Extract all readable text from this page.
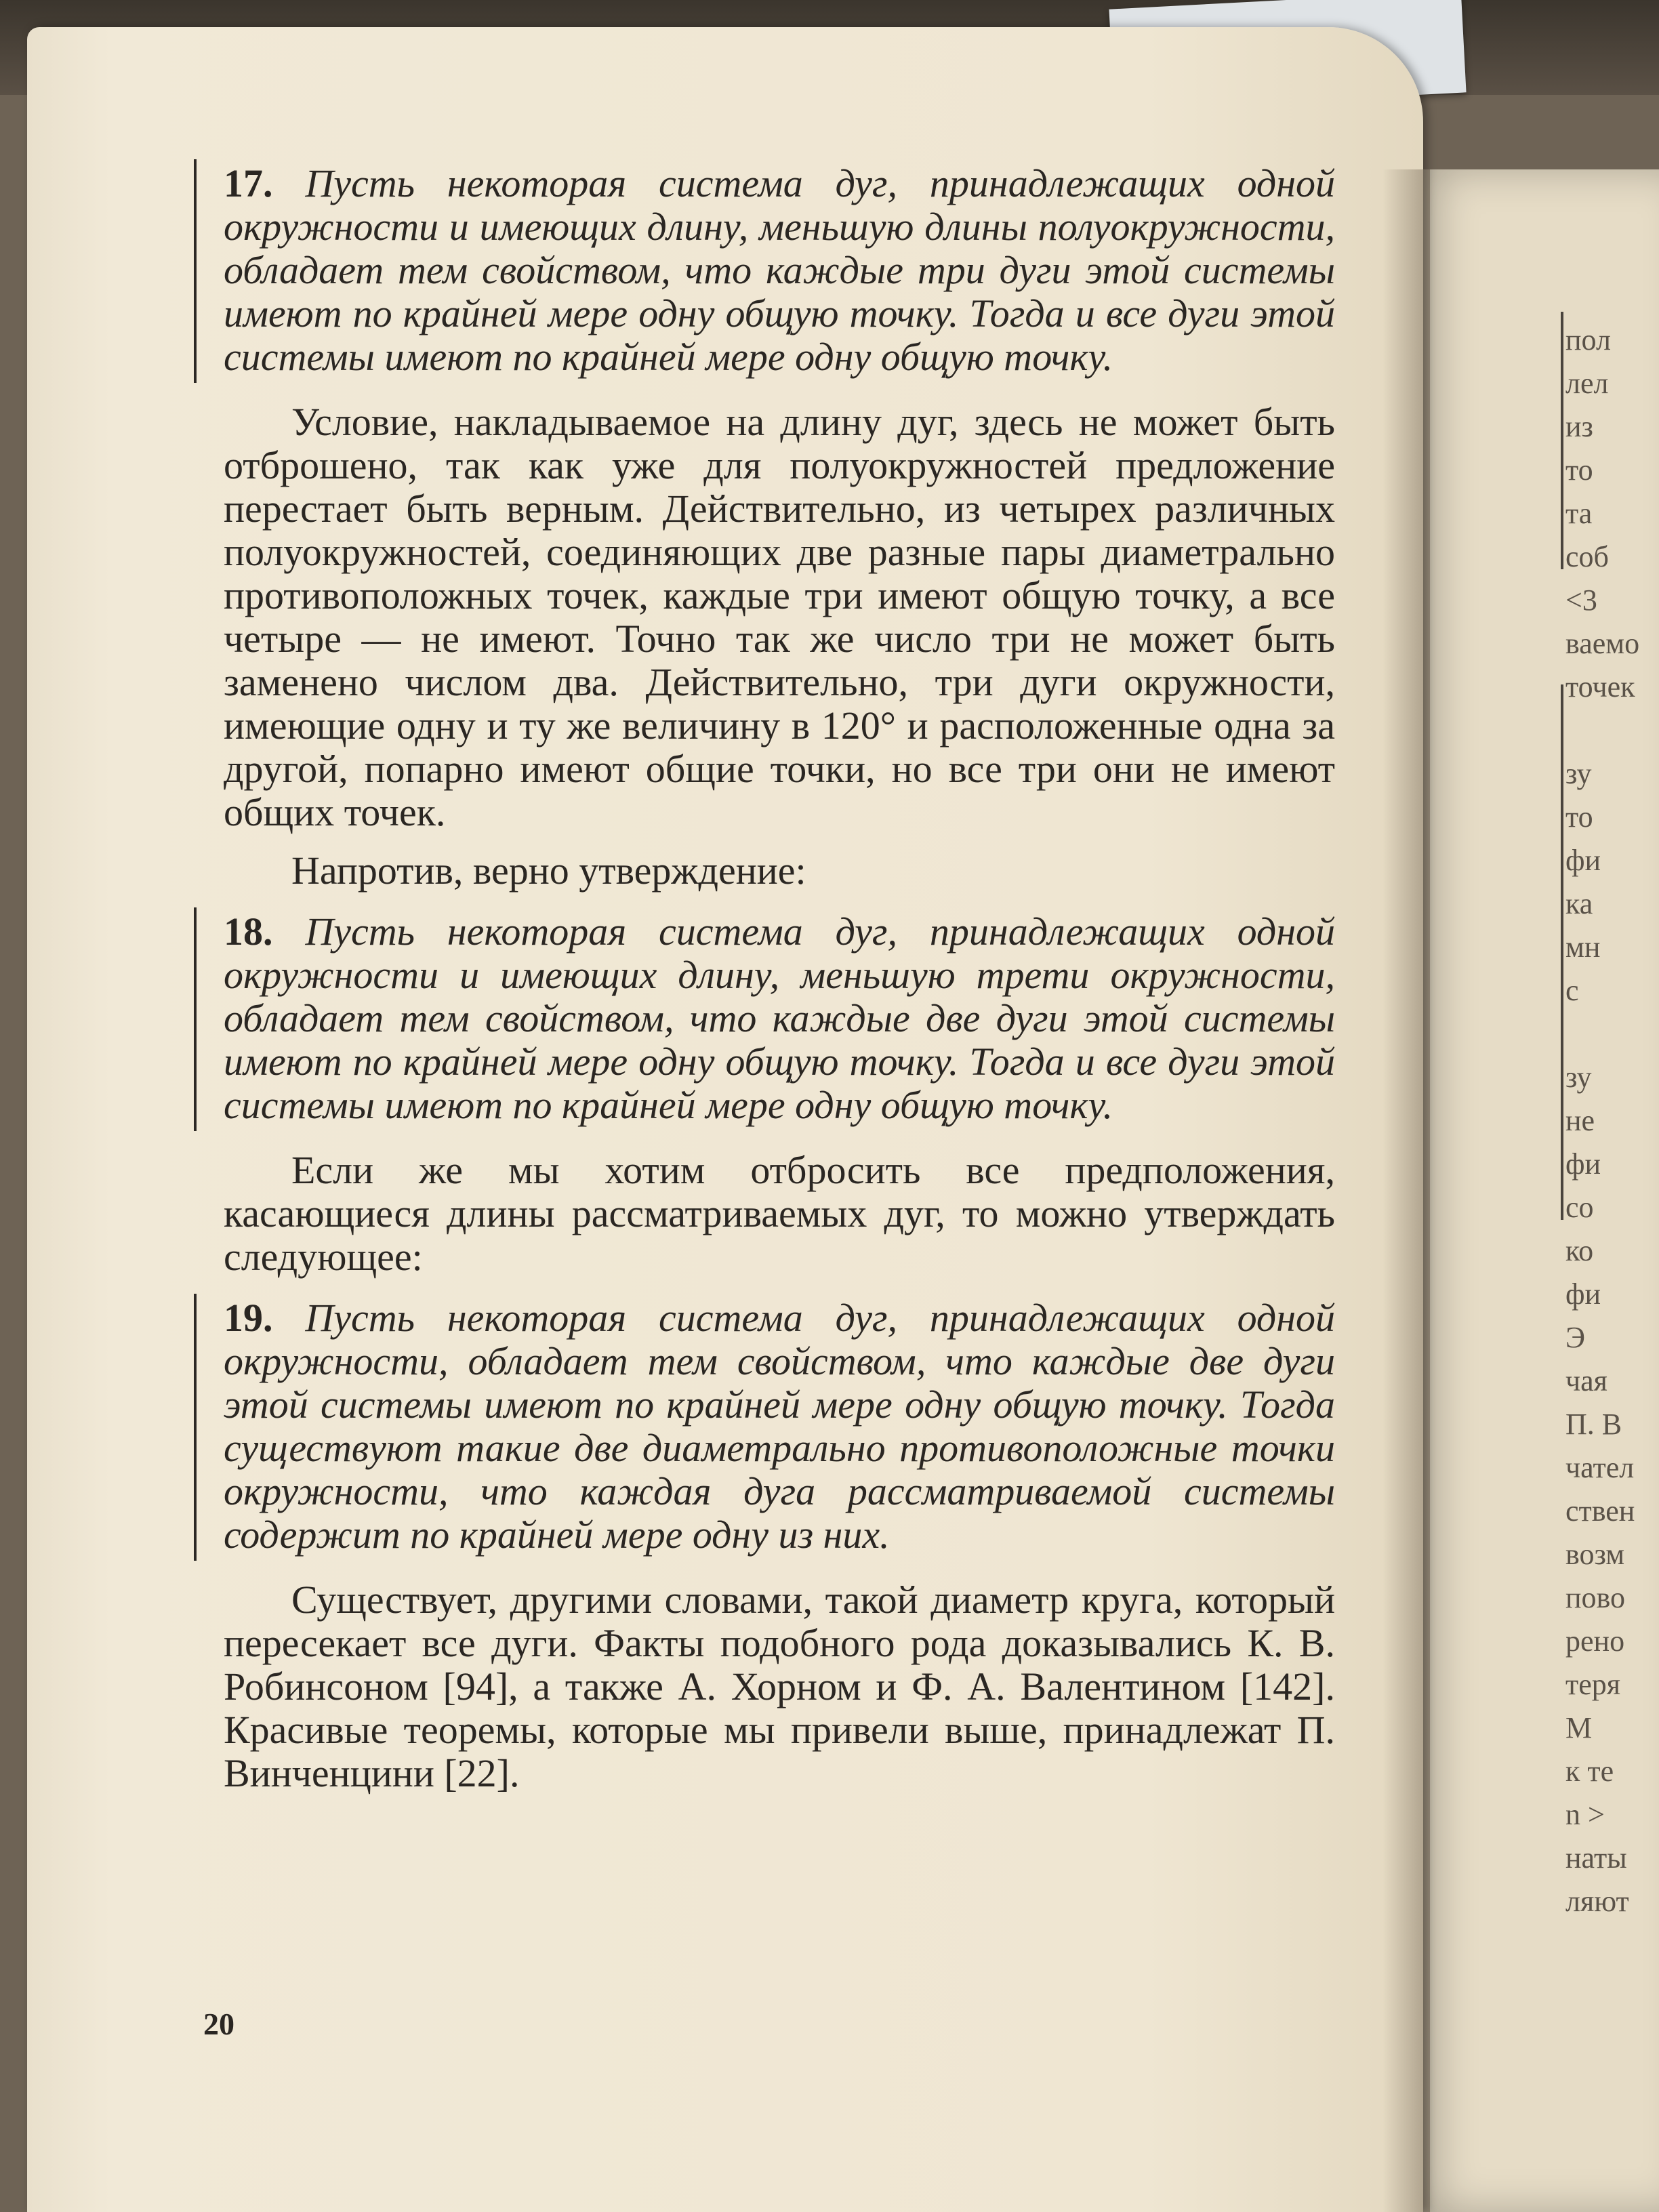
пол
лел
из
то
та
соб
<3
ваемо
точек
зу
то
фи
ка
мн
с
зу
не
фи
со
ко
фи
Э
чая
П. В
чател
ствен
возм
пово
рено
теря
М
к те
n >
наты
ляют
17. Пусть некоторая система дуг, принадлежащих одной окружности и имеющих длину, меньшую длины полуокружности, обладает тем свойством, что каждые три дуги этой системы имеют по крайней мере одну общую точку. Тогда и все дуги этой системы имеют по крайней мере одну общую точку.
Условие, накладываемое на длину дуг, здесь не может быть отброшено, так как уже для полуокружностей предложение перестает быть верным. Действительно, из четырех различных полуокружностей, соединяющих две разные пары диаметрально противоположных точек, каждые три имеют общую точку, а все четыре — не имеют. Точно так же число три не может быть заменено числом два. Действительно, три дуги окружности, имеющие одну и ту же величину в 120° и расположенные одна за другой, попарно имеют общие точки, но все три они не имеют общих точек.
Напротив, верно утверждение:
18. Пусть некоторая система дуг, принадлежащих одной окружности и имеющих длину, меньшую трети окружности, обладает тем свойством, что каждые две дуги этой системы имеют по крайней мере одну общую точку. Тогда и все дуги этой системы имеют по крайней мере одну общую точку.
Если же мы хотим отбросить все предположения, касающиеся длины рассматриваемых дуг, то можно утверждать следующее:
19. Пусть некоторая система дуг, принадлежащих одной окружности, обладает тем свойством, что каждые две дуги этой системы имеют по крайней мере одну общую точку. Тогда существуют такие две диаметрально противоположные точки окружности, что каждая дуга рассматриваемой системы содержит по крайней мере одну из них.
Существует, другими словами, такой диаметр круга, который пересекает все дуги. Факты подобного рода доказывались К. В. Робинсоном [94], а также А. Хорном и Ф. А. Валентином [142]. Красивые теоремы, которые мы привели выше, принадлежат П. Винченцини [22].
20
